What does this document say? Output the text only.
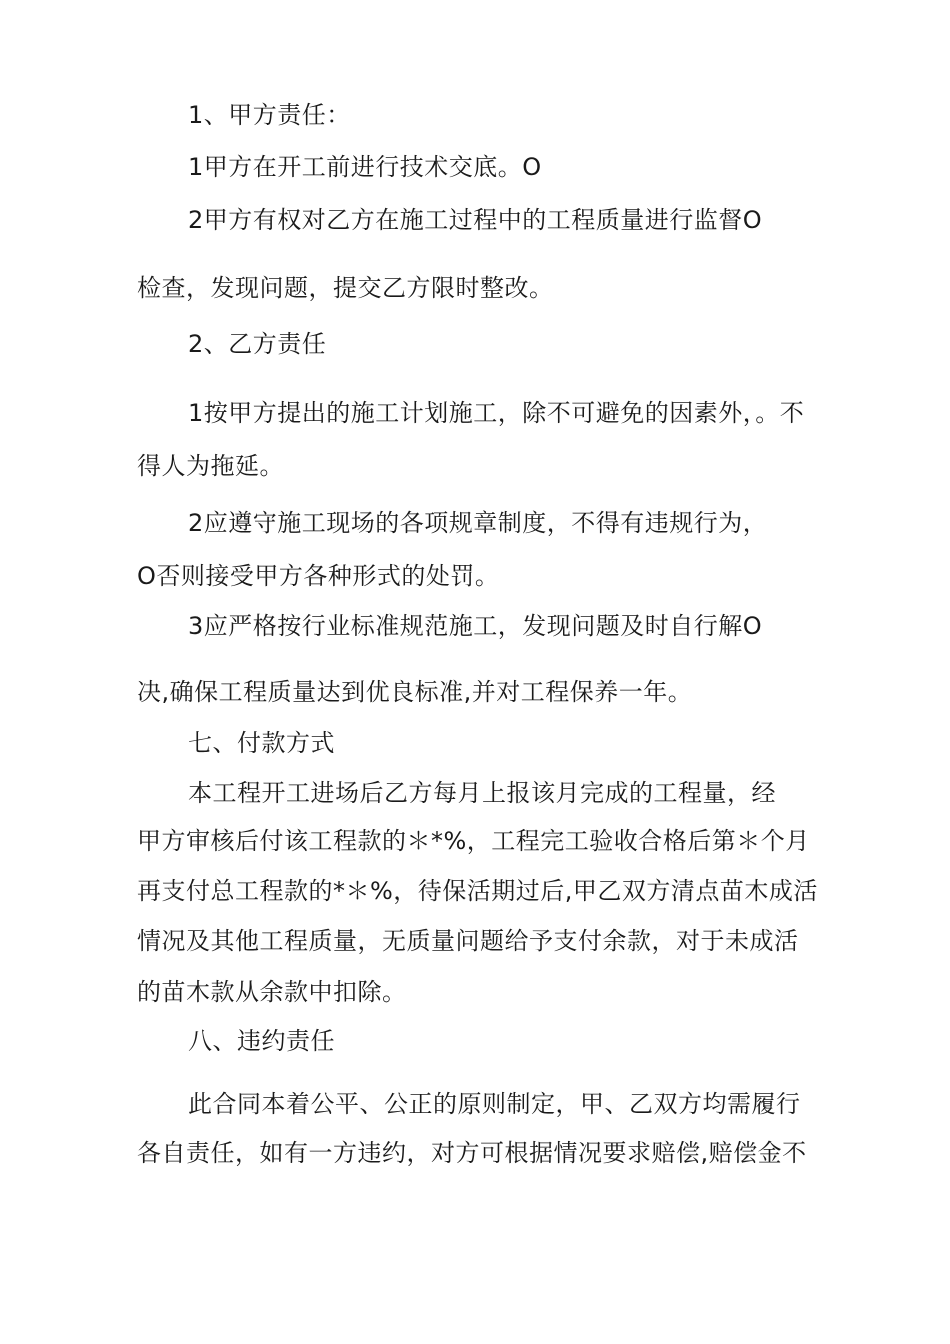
1、甲方责任：
1甲方在开工前进行技术交底。O
2甲方有权对乙方在施工过程中的工程质量进行监督O
检查，发现问题，提交乙方限时整改。
2、乙方责任
1按甲方提出的施工计划施工，除不可避免的因素外，。不
得人为拖延。
2应遵守施工现场的各项规章制度，不得有违规行为，
O否则接受甲方各种形式的处罚。
3应严格按行业标准规范施工，发现问题及时自行解O
决,确保工程质量达到优良标准,并对工程保养一年。
七、付款方式
本工程开工进场后乙方每月上报该月完成的工程量，经
甲方审核后付该工程款的＊*%，工程完工验收合格后第＊个月
再支付总工程款的*＊%，待保活期过后,甲乙双方清点苗木成活
情况及其他工程质量，无质量问题给予支付余款，对于未成活
的苗木款从余款中扣除。
八、违约责任
此合同本着公平、公正的原则制定，甲、乙双方均需履行
各自责任，如有一方违约，对方可根据情况要求赔偿,赔偿金不
